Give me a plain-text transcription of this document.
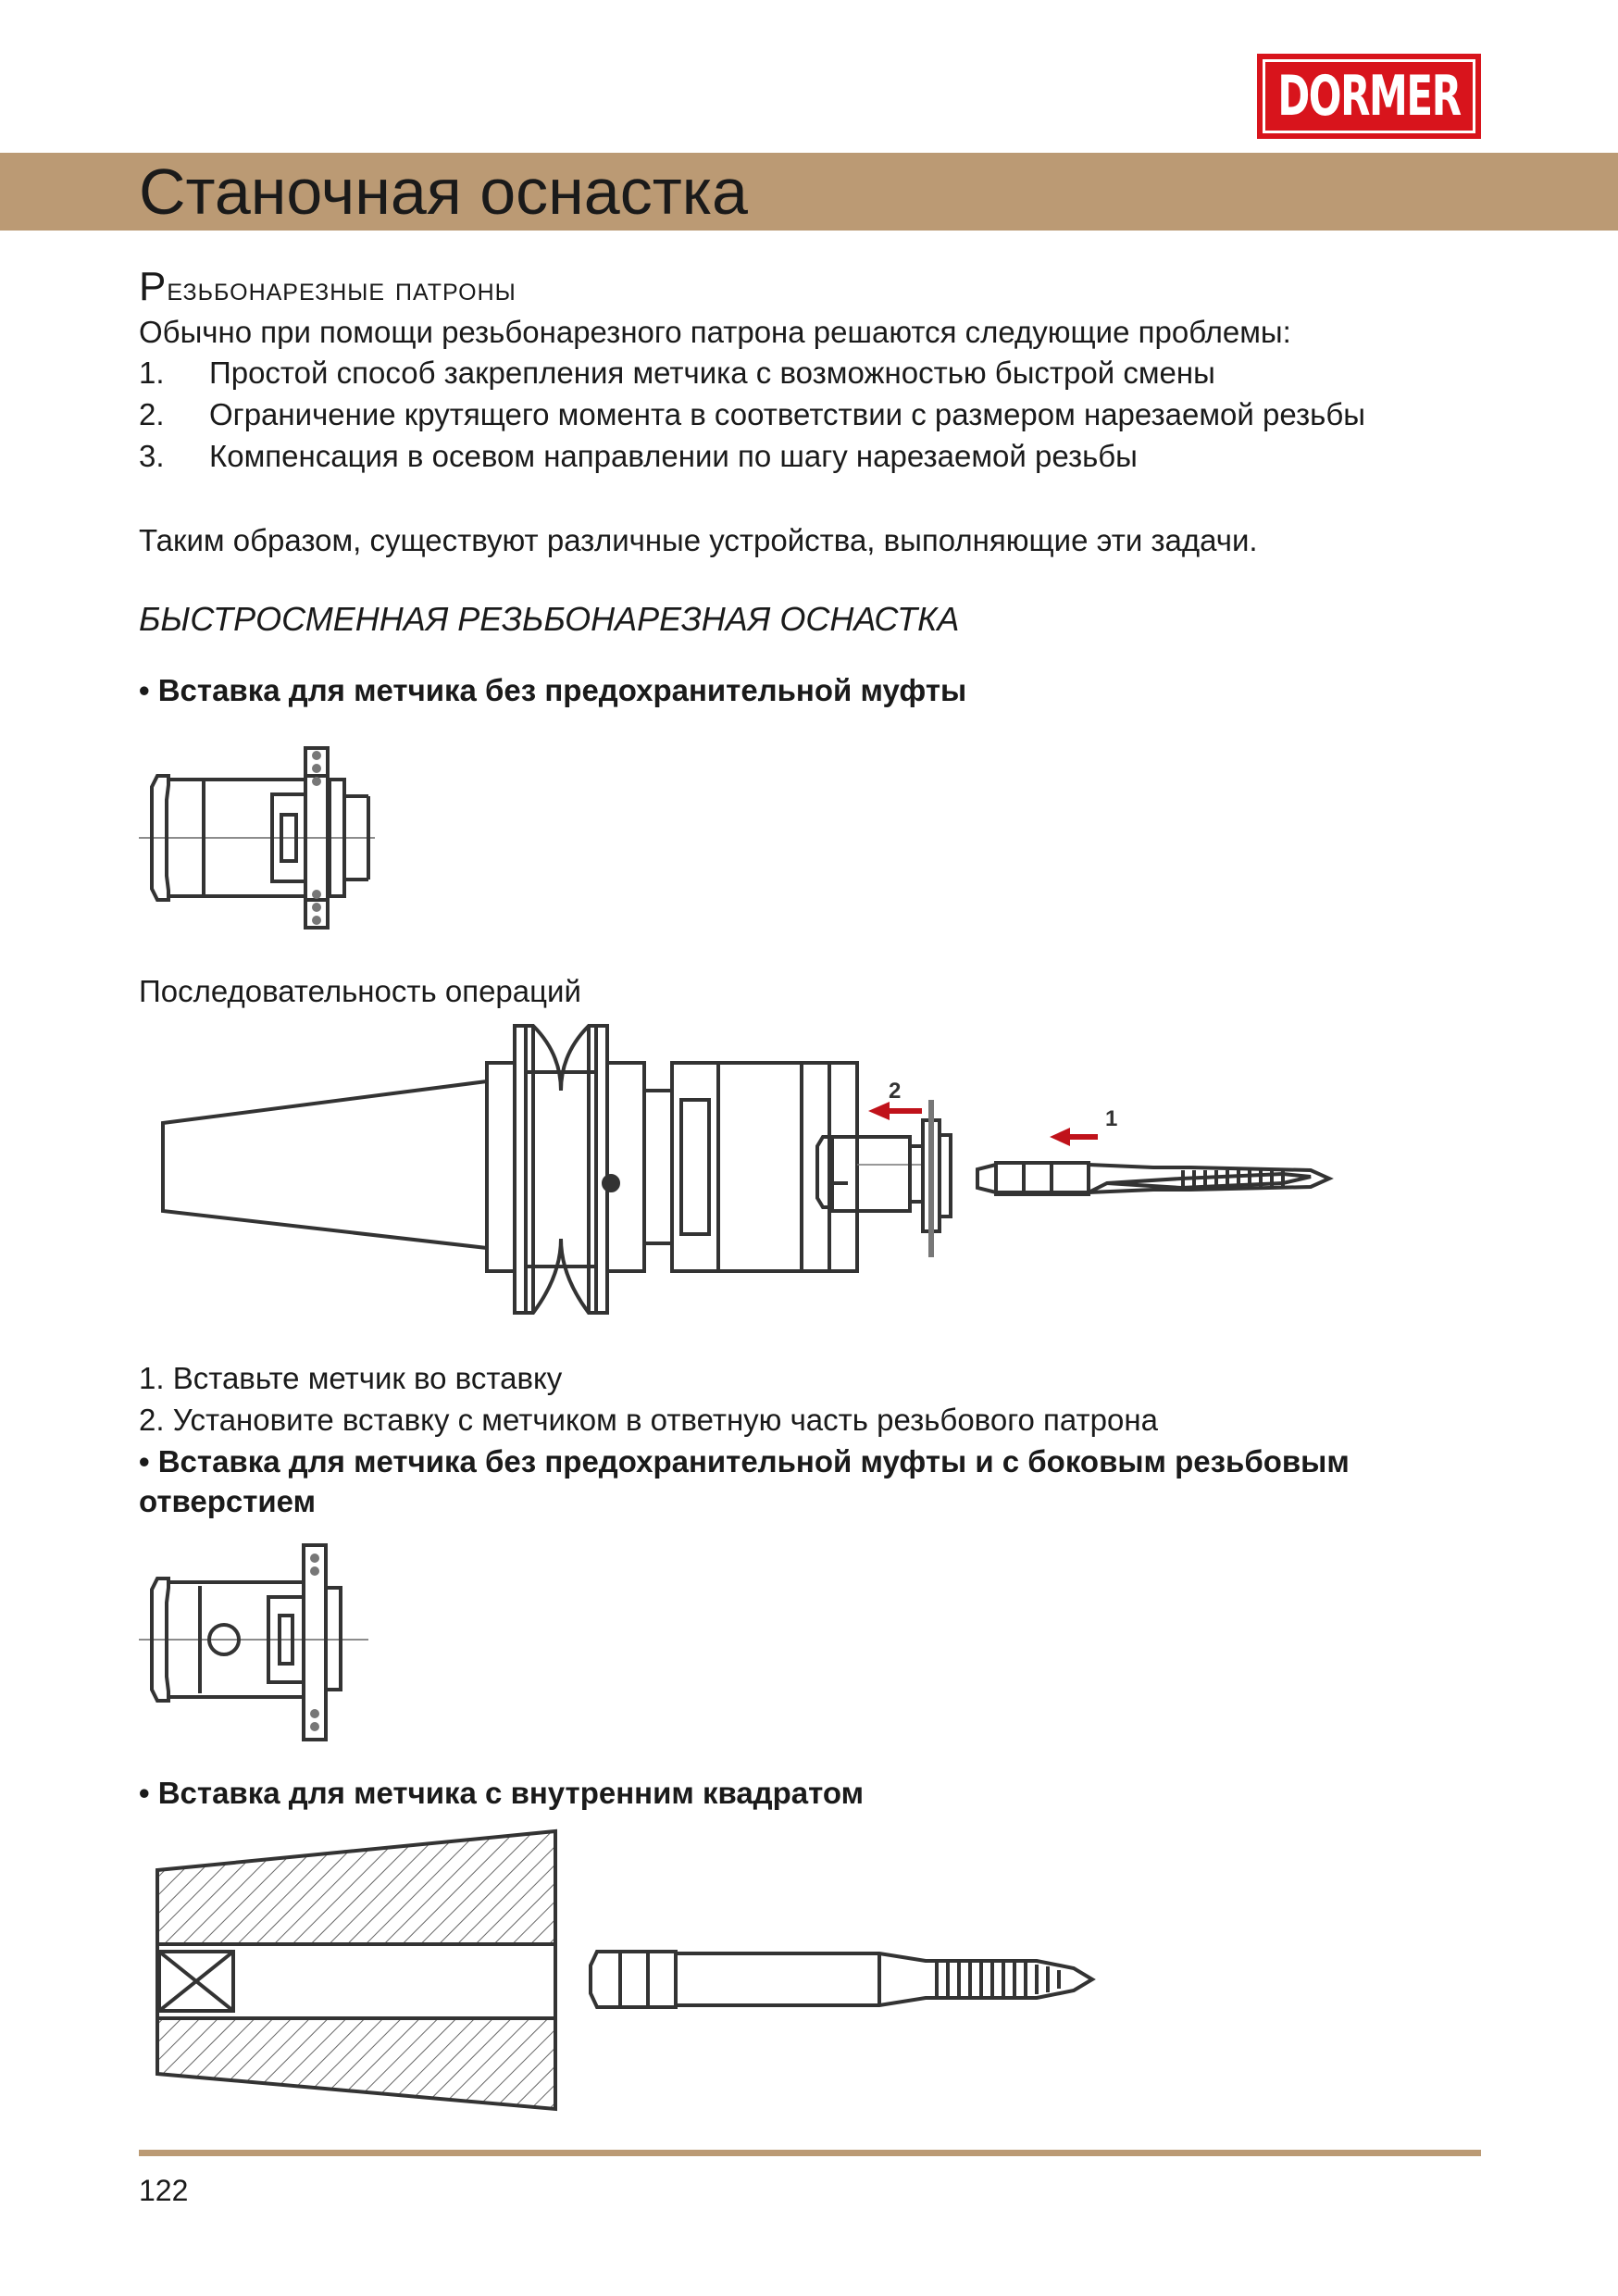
DORMER
Станочная оснастка
Резьбонарезные патроны
Обычно при помощи резьбонарезного патрона решаются следующие проблемы:
1. Простой способ закрепления метчика с возможностью быстрой смены
2. Ограничение крутящего момента в соответствии с размером нарезаемой резьбы
3. Компенсация в осевом направлении по шагу нарезаемой резьбы
Таким образом, существуют различные устройства, выполняющие эти задачи.
БЫСТРОСМЕННАЯ РЕЗЬБОНАРЕЗНАЯ ОСНАСТКА
• Вставка для метчика без предохранительной муфты
Последовательность операций
2
1
1. Вставьте метчик во вставку
2. Установите вставку с метчиком в ответную часть резьбового патрона
• Вставка для метчика без предохранительной муфты и с боковым резьбовым
отверстием
• Вставка для метчика с внутренним квадратом
122
